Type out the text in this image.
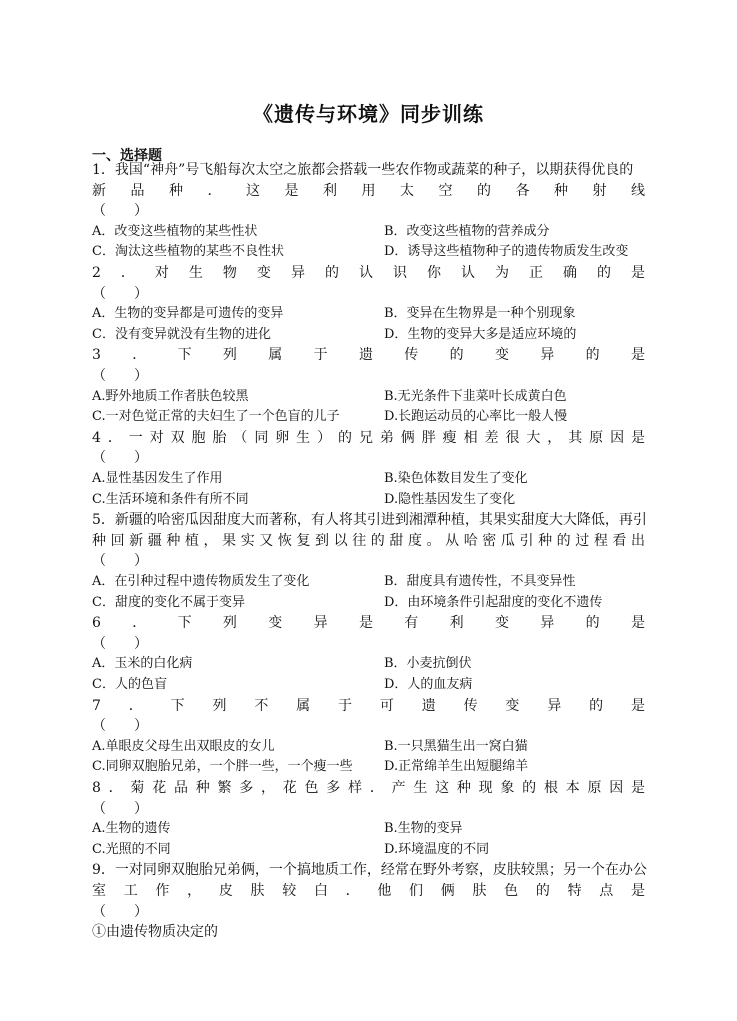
《遗传与环境》同步训练
一、选择题
1．我国“神舟”号飞船每次太空之旅都会搭载一些农作物或蔬菜的种子，以期获得优良的
新品种．这是利用太空的各种射线
（　　）
A．改变这些植物的某些性状	B．改变这些植物的营养成分
C．淘汰这些植物的某些不良性状	D．诱导这些植物种子的遗传物质发生改变
2．对生物变异的认识你认为正确的是
（　　）
A．生物的变异都是可遗传的变异	B．变异在生物界是一种个别现象
C．没有变异就没有生物的进化	D．生物的变异大多是适应环境的
3．下列属于遗传的变异的是
（　　）
A.野外地质工作者肤色较黑	B.无光条件下韭菜叶长成黄白色
C.一对色觉正常的夫妇生了一个色盲的儿子	D.长跑运动员的心率比一般人慢
4．一对双胞胎（同卵生）的兄弟俩胖瘦相差很大，其原因是
（　　）
A.显性基因发生了作用	B.染色体数目发生了变化
C.生活环境和条件有所不同	D.隐性基因发生了变化
5．新疆的哈密瓜因甜度大而著称，有人将其引进到湘潭种植，其果实甜度大大降低，再引
种回新疆种植，果实又恢复到以往的甜度。从哈密瓜引种的过程看出
（　　）
A．在引种过程中遗传物质发生了变化	B．甜度具有遗传性，不具变异性
C．甜度的变化不属于变异	D．由环境条件引起甜度的变化不遗传
6．下列变异是有利变异的是
（　　）
A．玉米的白化病	B．小麦抗倒伏
C．人的色盲	D．人的血友病
7．下列不属于可遗传变异的是
（　　）
A.单眼皮父母生出双眼皮的女儿	B.一只黑猫生出一窝白猫
C.同卵双胞胎兄弟，一个胖一些，一个瘦一些 D.正常绵羊生出短腿绵羊
8．菊花品种繁多，花色多样．产生这种现象的根本原因是
（　　）
A.生物的遗传	B.生物的变异
C.光照的不同	D.环境温度的不同
9．一对同卵双胞胎兄弟俩，一个搞地质工作，经常在野外考察，皮肤较黑；另一个在办公
室工作，皮肤较白．他们俩肤色的特点是
（　　）
①由遗传物质决定的
